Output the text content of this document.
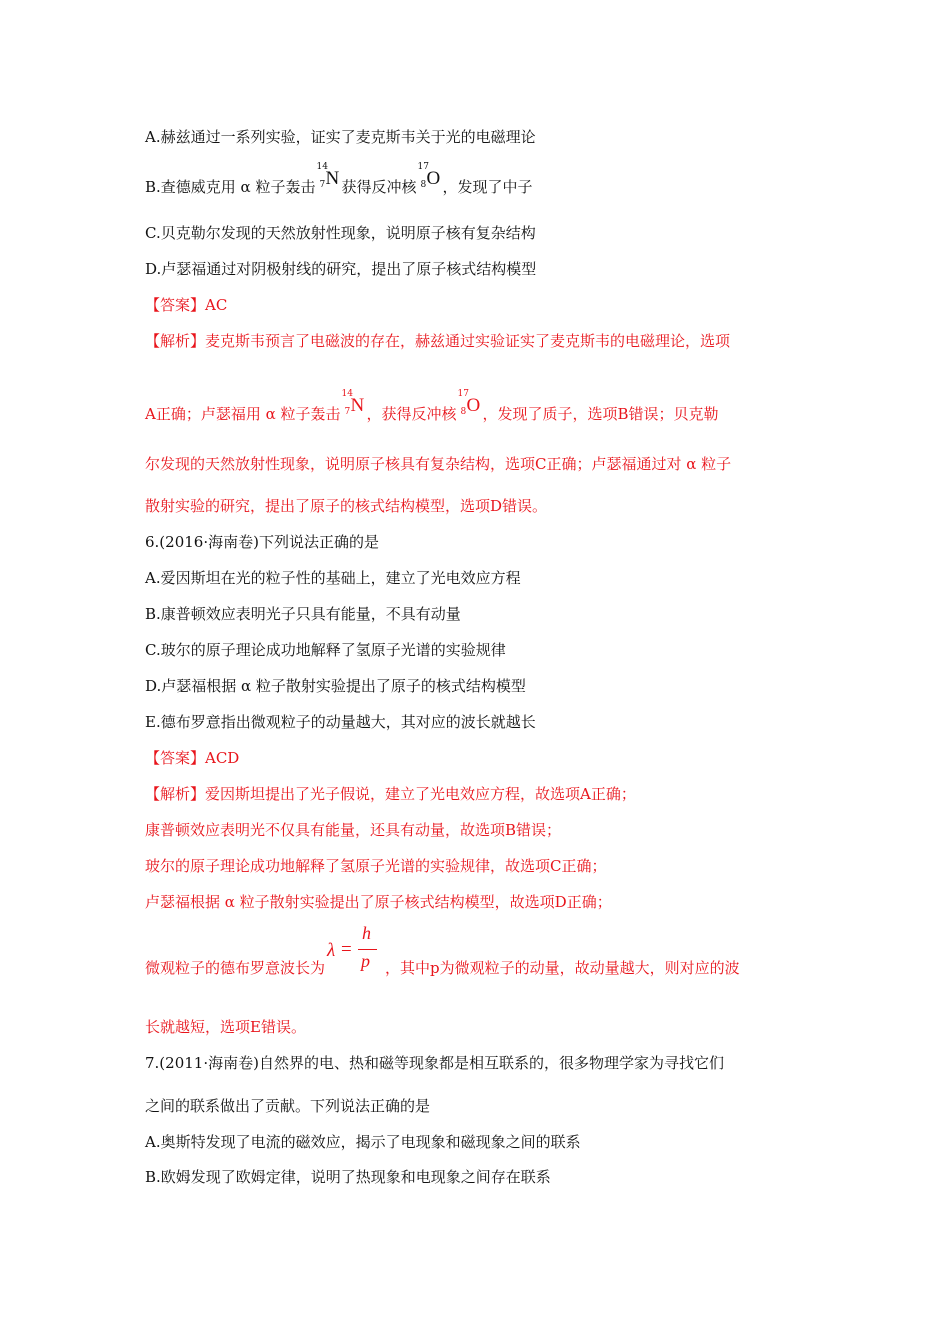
A.赫兹通过一系列实验，证实了麦克斯韦关于光的电磁理论
B.查德威克用 α 粒子轰击
14
7 N 获得反冲核
17
8 O ，发现了中子
C.贝克勒尔发现的天然放射性现象，说明原子核有复杂结构
D.卢瑟福通过对阴极射线的研究，提出了原子核式结构模型
【答案】AC
【解析】麦克斯韦预言了电磁波的存在，赫兹通过实验证实了麦克斯韦的电磁理论，选项
A正确；卢瑟福用 α 粒子轰击
14
7 N ，获得反冲核
17
8 O ，发现了质子，选项B错误；贝克勒
尔发现的天然放射性现象，说明原子核具有复杂结构，选项C正确；卢瑟福通过对 α 粒子
散射实验的研究，提出了原子的核式结构模型，选项D错误。
6.(2016·海南卷)下列说法正确的是
A.爱因斯坦在光的粒子性的基础上，建立了光电效应方程
B.康普顿效应表明光子只具有能量，不具有动量
C.玻尔的原子理论成功地解释了氢原子光谱的实验规律
D.卢瑟福根据 α 粒子散射实验提出了原子的核式结构模型
E.德布罗意指出微观粒子的动量越大，其对应的波长就越长
【答案】ACD
【解析】爱因斯坦提出了光子假说，建立了光电效应方程，故选项A正确；
康普顿效应表明光不仅具有能量，还具有动量，故选项B错误；
玻尔的原子理论成功地解释了氢原子光谱的实验规律，故选项C正确；
卢瑟福根据 α 粒子散射实验提出了原子核式结构模型，故选项D正确；
微观粒子的德布罗意波长为
λ =
h
p ，其中p为微观粒子的动量，故动量越大，则对应的波
长就越短，选项E错误。
7.(2011·海南卷)自然界的电、热和磁等现象都是相互联系的，很多物理学家为寻找它们
之间的联系做出了贡献。下列说法正确的是
A.奥斯特发现了电流的磁效应，揭示了电现象和磁现象之间的联系
B.欧姆发现了欧姆定律，说明了热现象和电现象之间存在联系
